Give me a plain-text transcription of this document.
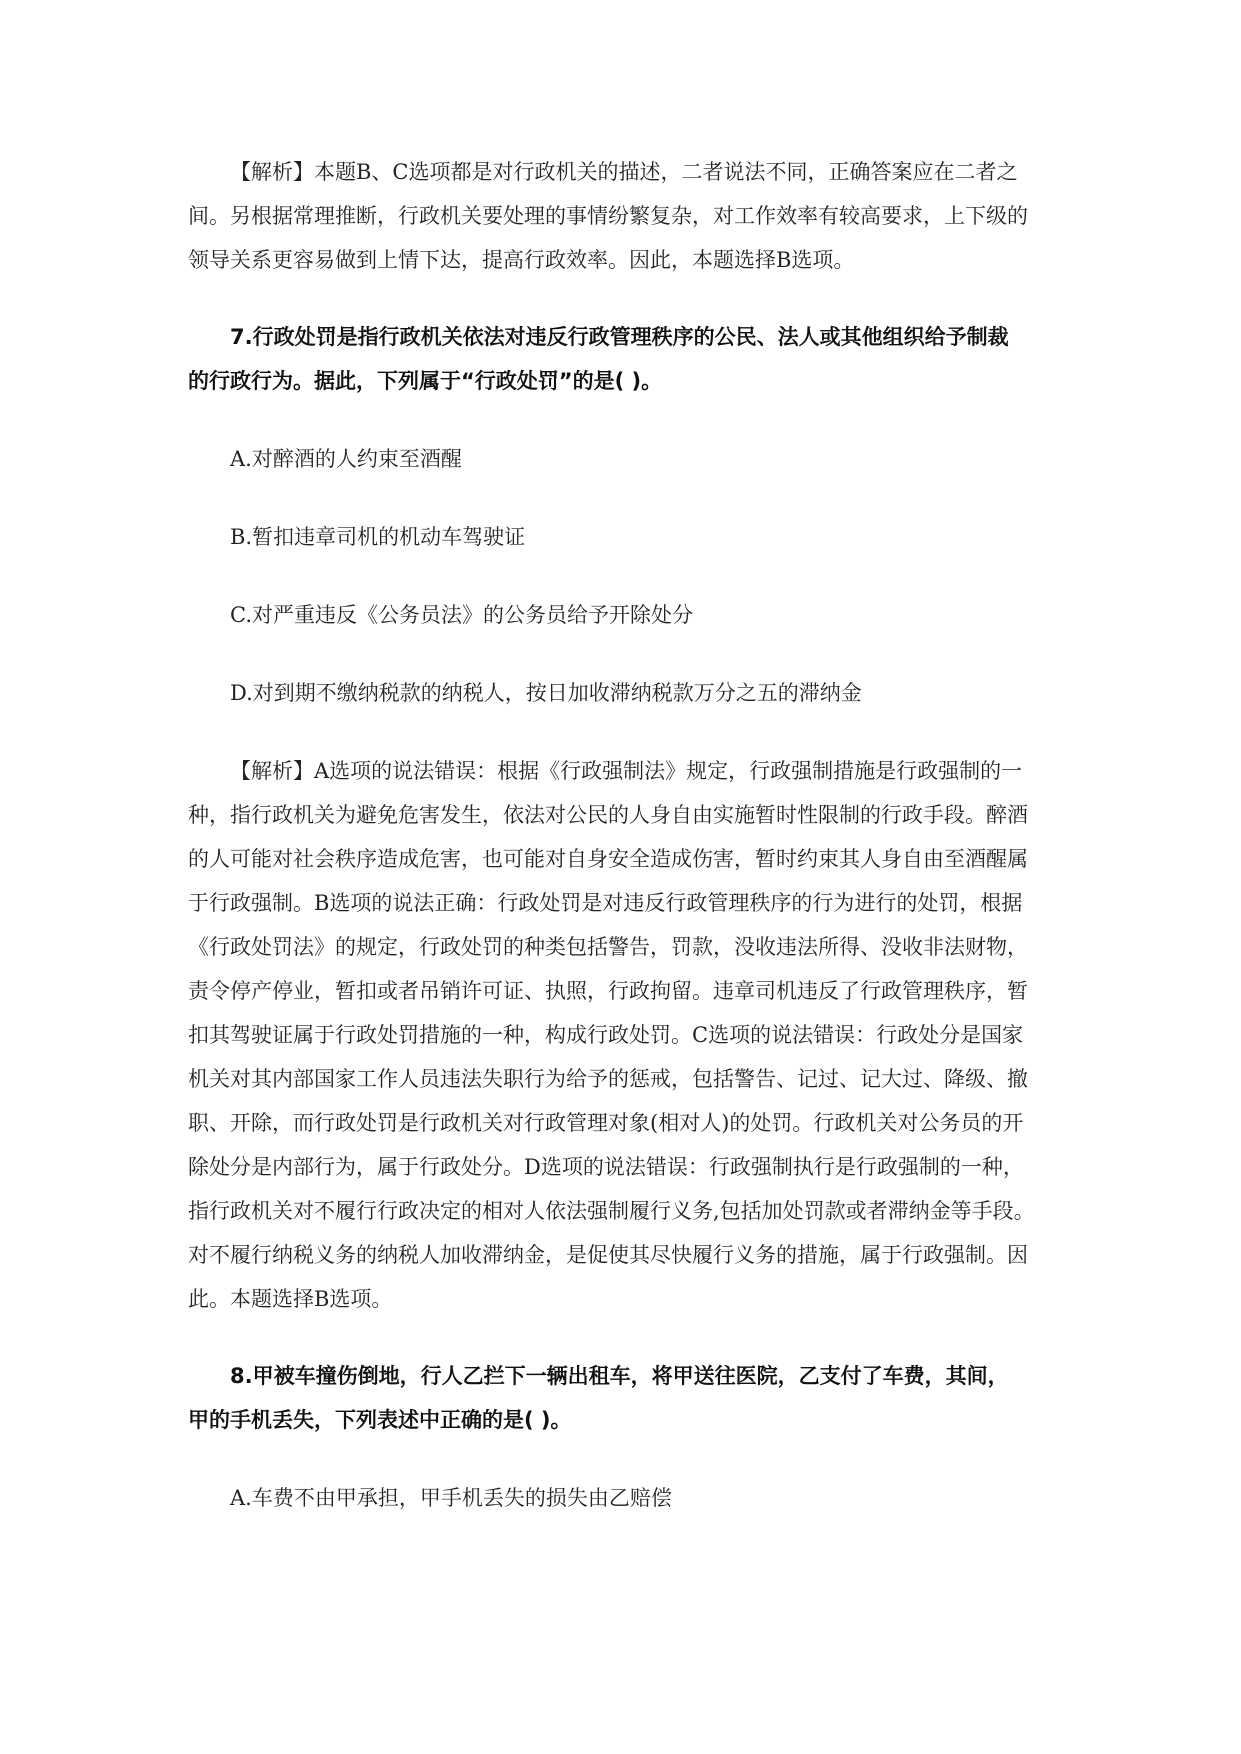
【解析】本题B、C选项都是对行政机关的描述，二者说法不同，正确答案应在二者之

间。另根据常理推断，行政机关要处理的事情纷繁复杂，对工作效率有较高要求，上下级的

领导关系更容易做到上情下达，提高行政效率。因此，本题选择B选项。

7.行政处罚是指行政机关依法对违反行政管理秩序的公民、法人或其他组织给予制裁

的行政行为。据此，下列属于“行政处罚”的是( )。

A.对醉酒的人约束至酒醒

B.暂扣违章司机的机动车驾驶证

C.对严重违反《公务员法》的公务员给予开除处分

D.对到期不缴纳税款的纳税人，按日加收滞纳税款万分之五的滞纳金

【解析】A选项的说法错误：根据《行政强制法》规定，行政强制措施是行政强制的一

种，指行政机关为避免危害发生，依法对公民的人身自由实施暂时性限制的行政手段。醉酒

的人可能对社会秩序造成危害，也可能对自身安全造成伤害，暂时约束其人身自由至酒醒属

于行政强制。B选项的说法正确：行政处罚是对违反行政管理秩序的行为进行的处罚，根据

《行政处罚法》的规定，行政处罚的种类包括警告，罚款，没收违法所得、没收非法财物，

责令停产停业，暂扣或者吊销许可证、执照，行政拘留。违章司机违反了行政管理秩序，暂

扣其驾驶证属于行政处罚措施的一种，构成行政处罚。C选项的说法错误：行政处分是国家

机关对其内部国家工作人员违法失职行为给予的惩戒，包括警告、记过、记大过、降级、撤

职、开除，而行政处罚是行政机关对行政管理对象(相对人)的处罚。行政机关对公务员的开

除处分是内部行为，属于行政处分。D选项的说法错误：行政强制执行是行政强制的一种，

指行政机关对不履行行政决定的相对人依法强制履行义务,包括加处罚款或者滞纳金等手段。

对不履行纳税义务的纳税人加收滞纳金，是促使其尽快履行义务的措施，属于行政强制。因

此。本题选择B选项。

8.甲被车撞伤倒地，行人乙拦下一辆出租车，将甲送往医院，乙支付了车费，其间，

甲的手机丢失，下列表述中正确的是( )。

A.车费不由甲承担，甲手机丢失的损失由乙赔偿
